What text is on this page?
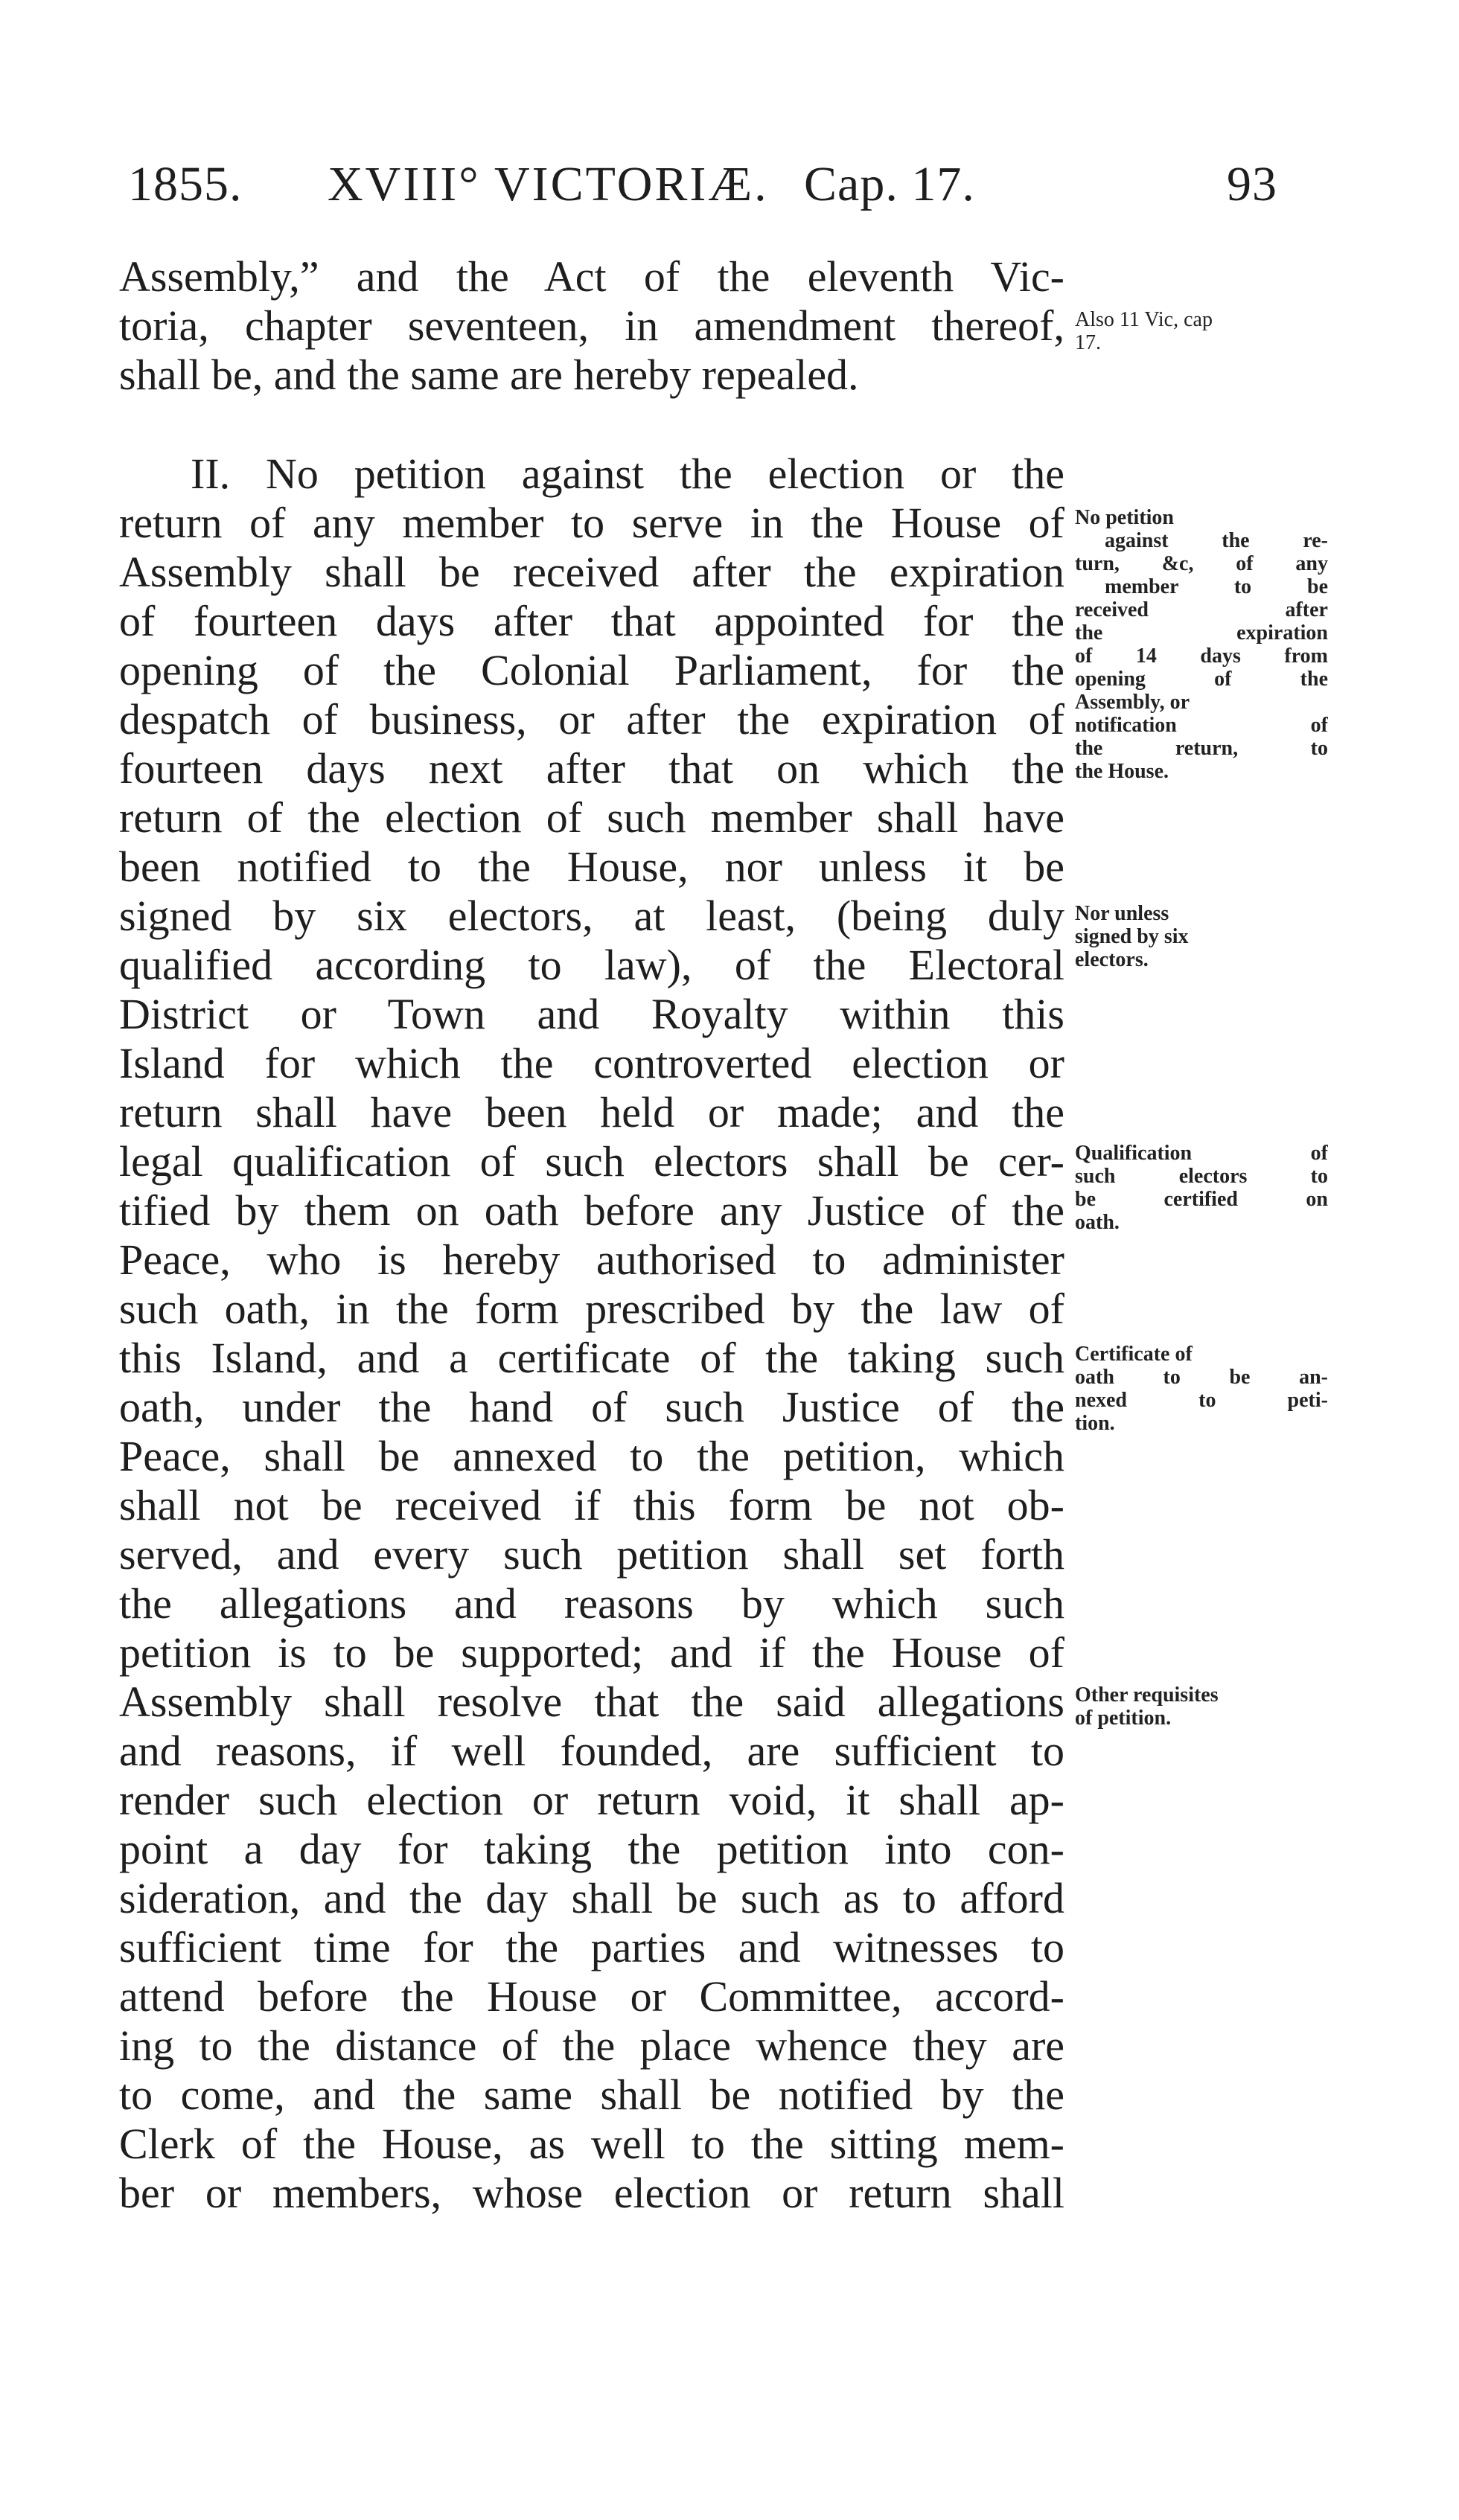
1855. XVIII° VICTORIÆ. Cap. 17.	93
Assembly,” and the Act of the eleventh Vic-
toria, chapter seventeen, in amendment thereof,
shall be, and the same are hereby repealed.
II. No petition against the election or the
return of any member to serve in the House of
Assembly shall be received after the expiration
of fourteen days after that appointed for the
opening of the Colonial Parliament, for the
despatch of business, or after the expiration of
fourteen days next after that on which the
return of the election of such member shall have
been notified to the House, nor unless it be
signed by six electors, at least, (being duly
qualified according to law), of the Electoral
District or Town and Royalty within this
Island for which the controverted election or
return shall have been held or made; and the
legal qualification of such electors shall be cer-
tified by them on oath before any Justice of the
Peace, who is hereby authorised to administer
such oath, in the form prescribed by the law of
this Island, and a certificate of the taking such
oath, under the hand of such Justice of the
Peace, shall be annexed to the petition, which
shall not be received if this form be not ob-
served, and every such petition shall set forth
the allegations and reasons by which such
petition is to be supported; and if the House of
Assembly shall resolve that the said allegations
and reasons, if well founded, are sufficient to
render such election or return void, it shall ap-
point a day for taking the petition into con-
sideration, and the day shall be such as to afford
sufficient time for the parties and witnesses to
attend before the House or Committee, accord-
ing to the distance of the place whence they are
to come, and the same shall be notified by the
Clerk of the House, as well to the sitting mem-
ber or members, whose election or return shall
Also 11 Vic, cap
17.
No petition
against the re-
turn, &c, of any
member to be
received after
the expiration
of 14 days from
opening of the
Assembly, or
notification of
the return, to
the House.
Nor unless
signed by six
electors.
Qualification of
such electors to
be certified on
oath.
Certificate of
oath to be an-
nexed to peti-
tion.
Other requisites
of petition.
